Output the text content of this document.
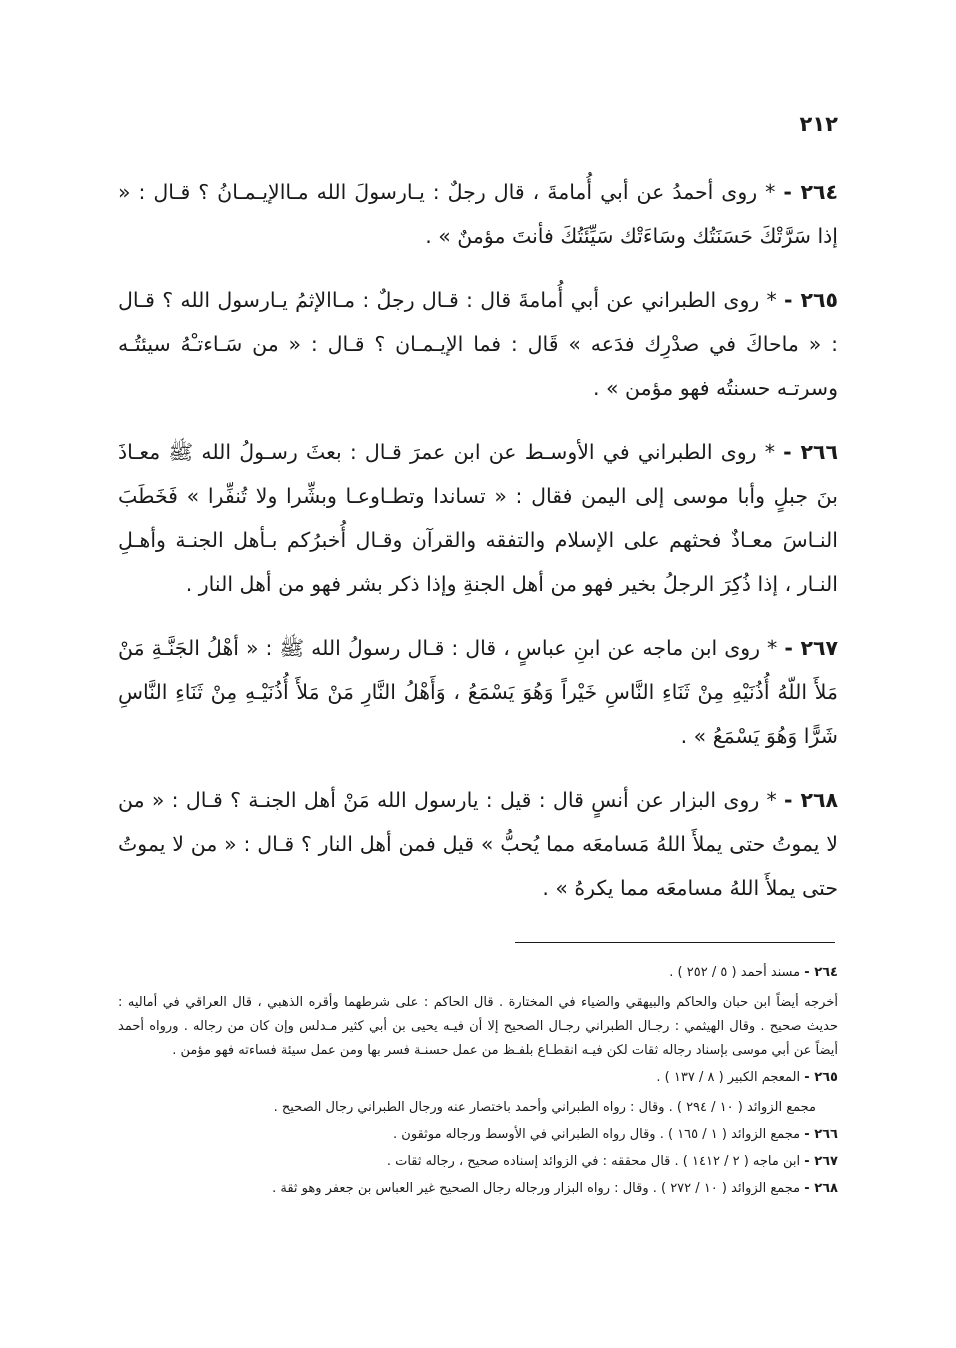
٢١٢

٢٦٤ - * روى أحمدُ عن أبي أُمامةَ ، قال رجلٌ : يـارسولَ الله مـاالإيـمـانُ ؟ قـال : « إذا سَرَّتْكَ حَسَنَتُك وسَاءَتْك سَيِّئَتُكَ فأنتَ مؤمنٌ » .

٢٦٥ - * روى الطبراني عن أبي أُمامةَ قال : قـال رجلٌ : مـاالإثمُ يـارسول الله ؟ قـال : « ماحاكَ في صدْرِك فدَعه » قَال : فما الإيـمـان ؟ قـال : « من سَـاءتـْهُ سيئتُـه وسرتـه حسنتُه فهو مؤمن » .

٢٦٦ - * روى الطبراني في الأوسـط عن ابن عمرَ قـال : بعثَ رسـولُ الله ﷺ معـاذَ بنَ جبلٍ وأبا موسى إلى اليمن فقال : « تساندا وتطـاوعـا وبشِّرا ولا تُنفِّرا » فَخَطَبَ النـاسَ معـاذٌ فحثهم على الإسلام والتفقه والقرآن وقـال أُخبرُكم بـأهل الجنـة وأهـلِ النـار ، إذا ذُكِرَ الرجلُ بخير فهو من أهل الجنةِ وإذا ذكر بشر فهو من أهل النار .

٢٦٧ - * روى ابن ماجه عن ابنِ عباسٍ ، قال : قـال رسولُ الله ﷺ : « أهْلُ الجَنَّـةِ مَنْ مَلأَ اللّهُ أُذُنَيْهِ مِنْ ثَنَاءِ النَّاسِ خَيْراً وَهُوَ يَسْمَعُ ، وَأَهْلُ النَّارِ مَنْ مَلأَ أُذُنَيْـهِ مِنْ ثَنَاءِ النَّاسِ شَرًّا وَهُوَ يَسْمَعُ » .

٢٦٨ - * روى البزار عن أنسٍ قال : قيل : يارسول الله مَنْ أهل الجنـة ؟ قـال : « من لا يموتُ حتى يملأَ اللهُ مَسامعَه مما يُحبُّ » قيل فمن أهل النار ؟ قـال : « من لا يموتُ حتى يملأَ اللهُ مسامعَه مما يكرهُ » .

٢٦٤ - مسند أحمد ( ٥ / ٢٥٢ ) .
أخرجه أيضاً ابن حبان والحاكم والبيهقي والضياء في المختارة . قال الحاكم : على شرطهما وأقره الذهبي ، قال العراقي في أماليه : حديث صحيح . وقال الهيثمي : رجـال الطبراني رجـال الصحيح إلا أن فيـه يحيى بن أبي كثير مـدلس وإن كان من رجاله . ورواه أحمد أيضاً عن أبي موسى بإسناد رجاله ثقات لكن فيـه انقطـاع بلفـظ من عمل حسنـة فسر بها ومن عمل سيئة فساءته فهو مؤمن .
٢٦٥ - المعجم الكبير ( ٨ / ١٣٧ ) .
مجمع الزوائد ( ١٠ / ٢٩٤ ) . وقال : رواه الطبراني وأحمد باختصار عنه ورجال الطبراني رجال الصحيح .
٢٦٦ - مجمع الزوائد ( ١ / ١٦٥ ) . وقال رواه الطبراني في الأوسط ورجاله موثقون .
٢٦٧ - ابن ماجه ( ٢ / ١٤١٢ ) . قال محققه : في الزوائد إسناده صحيح ، رجاله ثقات .
٢٦٨ - مجمع الزوائد ( ١٠ / ٢٧٢ ) . وقال : رواه البزار ورجاله رجال الصحيح غير العباس بن جعفر وهو ثقة .
